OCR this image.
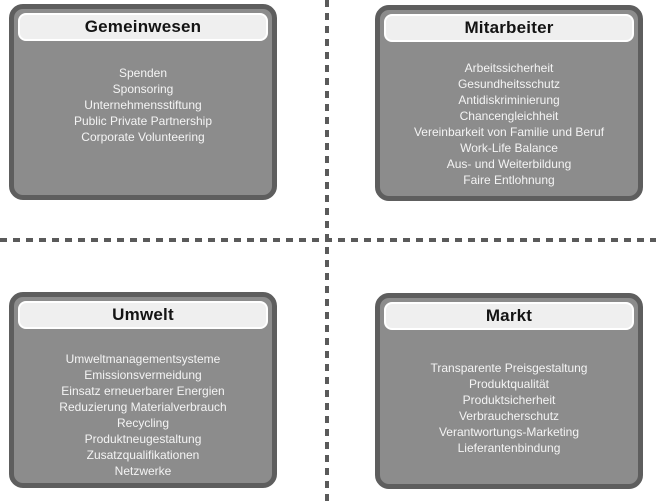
Gemeinwesen
Spenden
Sponsoring
Unternehmensstiftung
Public Private Partnership
Corporate Volunteering
Mitarbeiter
Arbeitssicherheit
Gesundheitsschutz
Antidiskriminierung
Chancengleichheit
Vereinbarkeit von Familie und Beruf
Work-Life Balance
Aus- und Weiterbildung
Faire Entlohnung
Umwelt
Umweltmanagementsysteme
Emissionsvermeidung
Einsatz erneuerbarer Energien
Reduzierung Materialverbrauch
Recycling
Produktneugestaltung
Zusatzqualifikationen
Netzwerke
Markt
Transparente Preisgestaltung
Produktqualität
Produktsicherheit
Verbraucherschutz
Verantwortungs-Marketing
Lieferantenbindung
